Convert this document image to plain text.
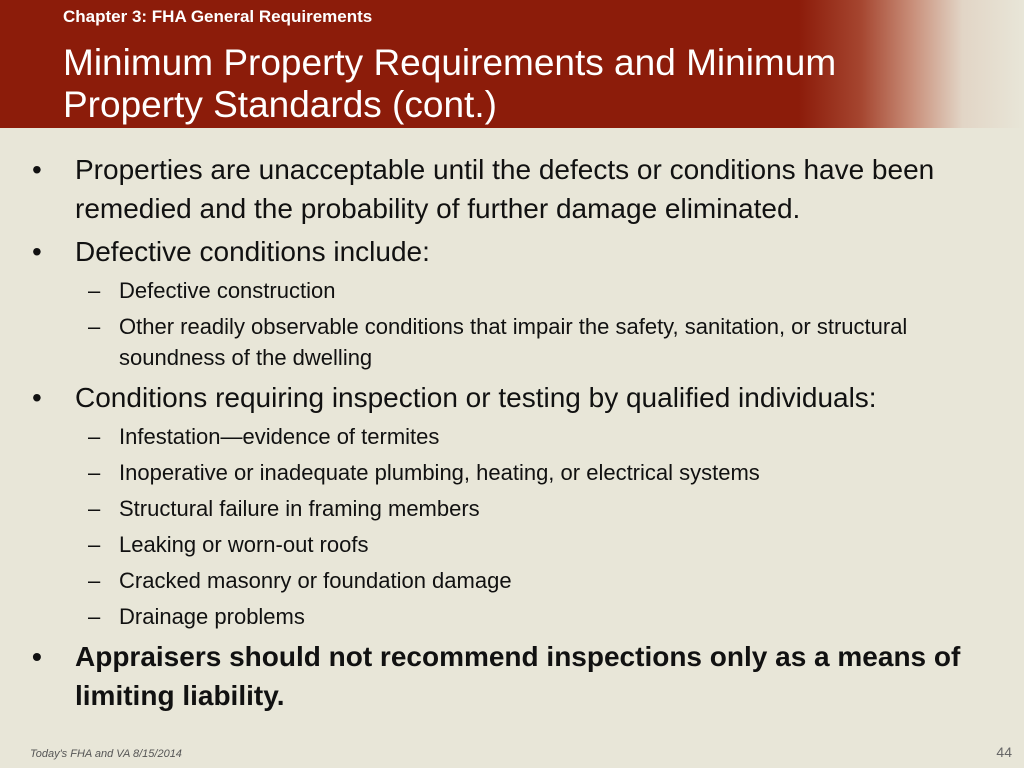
Chapter 3: FHA General Requirements
Minimum Property Requirements and Minimum Property Standards (cont.)
• Properties are unacceptable until the defects or conditions have been remedied and the probability of further damage eliminated.
• Defective conditions include:
– Defective construction
– Other readily observable conditions that impair the safety, sanitation, or structural soundness of the dwelling
• Conditions requiring inspection or testing by qualified individuals:
– Infestation—evidence of termites
– Inoperative or inadequate plumbing, heating, or electrical systems
– Structural failure in framing members
– Leaking or worn-out roofs
– Cracked masonry or foundation damage
– Drainage problems
• Appraisers should not recommend inspections only as a means of limiting liability.
Today's FHA and VA 8/15/2014	44
